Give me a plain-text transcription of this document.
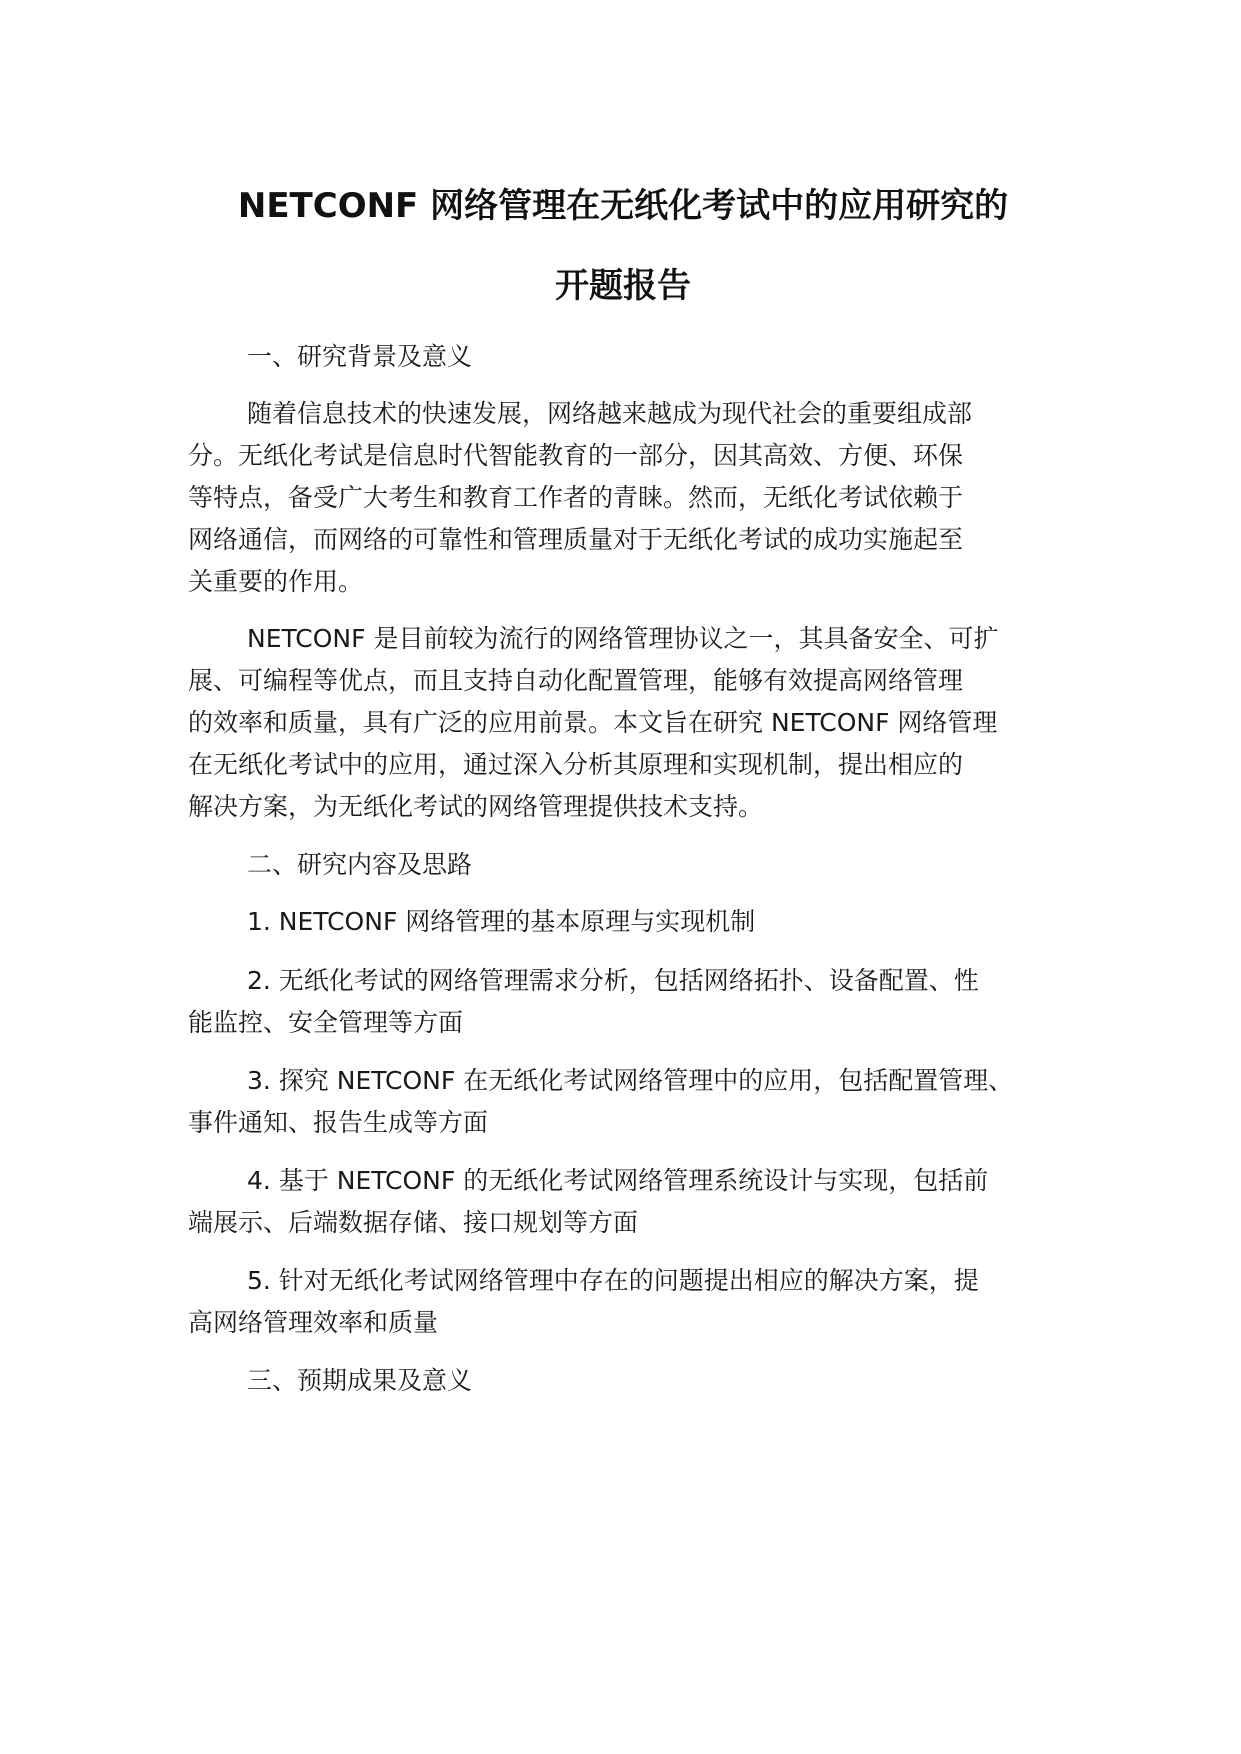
NETCONF 网络管理在无纸化考试中的应用研究的
开题报告
一、研究背景及意义
随着信息技术的快速发展，网络越来越成为现代社会的重要组成部
分。无纸化考试是信息时代智能教育的一部分，因其高效、方便、环保
等特点，备受广大考生和教育工作者的青睐。然而，无纸化考试依赖于
网络通信，而网络的可靠性和管理质量对于无纸化考试的成功实施起至
关重要的作用。
NETCONF 是目前较为流行的网络管理协议之一，其具备安全、可扩
展、可编程等优点，而且支持自动化配置管理，能够有效提高网络管理
的效率和质量，具有广泛的应用前景。本文旨在研究 NETCONF 网络管理
在无纸化考试中的应用，通过深入分析其原理和实现机制，提出相应的
解决方案，为无纸化考试的网络管理提供技术支持。
二、研究内容及思路
1. NETCONF 网络管理的基本原理与实现机制
2. 无纸化考试的网络管理需求分析，包括网络拓扑、设备配置、性
能监控、安全管理等方面
3. 探究 NETCONF 在无纸化考试网络管理中的应用，包括配置管理、
事件通知、报告生成等方面
4. 基于 NETCONF 的无纸化考试网络管理系统设计与实现，包括前
端展示、后端数据存储、接口规划等方面
5. 针对无纸化考试网络管理中存在的问题提出相应的解决方案，提
高网络管理效率和质量
三、预期成果及意义
